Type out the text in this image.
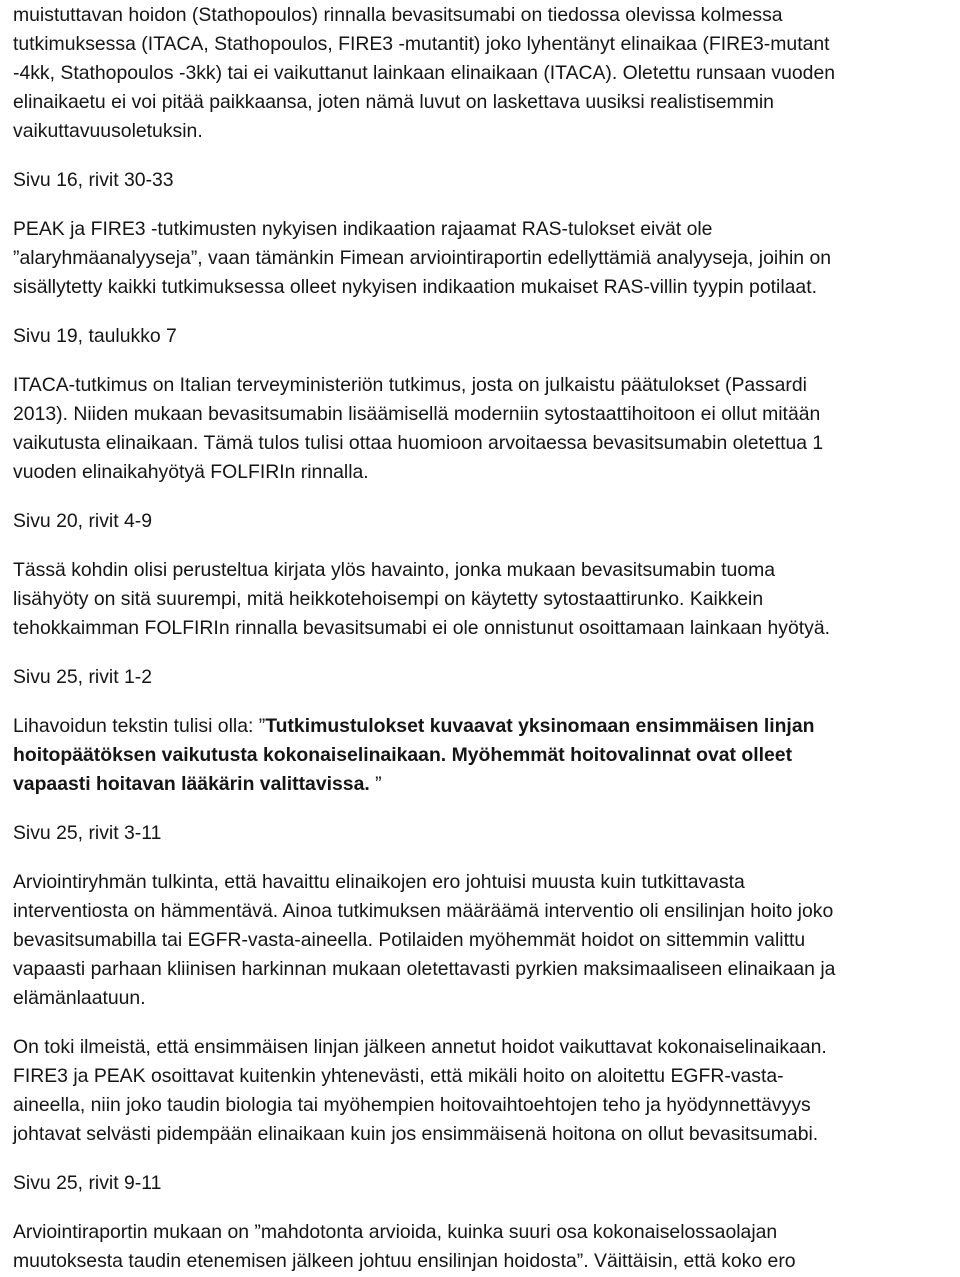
muistuttavan hoidon (Stathopoulos) rinnalla bevasitsumabi on tiedossa olevissa kolmessa
tutkimuksessa (ITACA, Stathopoulos, FIRE3 -mutantit) joko lyhentänyt elinaikaa (FIRE3-mutant
-4kk, Stathopoulos -3kk) tai ei vaikuttanut lainkaan elinaikaan (ITACA). Oletettu runsaan vuoden
elinaikaetu ei voi pitää paikkaansa, joten nämä luvut on laskettava uusiksi realistisemmin
vaikuttavuusoletuksin.
Sivu 16, rivit 30-33
PEAK ja FIRE3 -tutkimusten nykyisen indikaation rajaamat RAS-tulokset eivät ole
”alaryhmäanalyyseja”, vaan tämänkin Fimean arviointiraportin edellyttämiä analyyseja, joihin on
sisällytetty kaikki tutkimuksessa olleet nykyisen indikaation mukaiset RAS-villin tyypin potilaat.
Sivu 19, taulukko 7
ITACA-tutkimus on Italian terveyministeriön tutkimus, josta on julkaistu päätulokset (Passardi
2013). Niiden mukaan bevasitsumabin lisäämisellä moderniin sytostaattihoitoon ei ollut mitään
vaikutusta elinaikaan. Tämä tulos tulisi ottaa huomioon arvoitaessa bevasitsumabin oletettua 1
vuoden elinaikahyötyä FOLFIRIn rinnalla.
Sivu 20, rivit 4-9
Tässä kohdin olisi perusteltua kirjata ylös havainto, jonka mukaan bevasitsumabin tuoma
lisähyöty on sitä suurempi, mitä heikkotehoisempi on käytetty sytostaattirunko. Kaikkein
tehokkaimman FOLFIRIn rinnalla bevasitsumabi ei ole onnistunut osoittamaan lainkaan hyötyä.
Sivu 25, rivit 1-2
Lihavoidun tekstin tulisi olla: ”Tutkimustulokset kuvaavat yksinomaan ensimmäisen linjan
hoitopäätöksen vaikutusta kokonaiselinaikaan. Myöhemmät hoitovalinnat ovat olleet
vapaasti hoitavan lääkärin valittavissa. ”
Sivu 25, rivit 3-11
Arviointiryhmän tulkinta, että havaittu elinaikojen ero johtuisi muusta kuin tutkittavasta
interventiosta on hämmentävä. Ainoa tutkimuksen määräämä interventio oli ensilinjan hoito joko
bevasitsumabilla tai EGFR-vasta-aineella. Potilaiden myöhemmät hoidot on sittemmin valittu
vapaasti parhaan kliinisen harkinnan mukaan oletettavasti pyrkien maksimaaliseen elinaikaan ja
elämänlaatuun.
On toki ilmeistä, että ensimmäisen linjan jälkeen annetut hoidot vaikuttavat kokonaiselinaikaan.
FIRE3 ja PEAK osoittavat kuitenkin yhtenevästi, että mikäli hoito on aloitettu EGFR-vasta-
aineella, niin joko taudin biologia tai myöhempien hoitovaihtoehtojen teho ja hyödynnettävyys
johtavat selvästi pidempään elinaikaan kuin jos ensimmäisenä hoitona on ollut bevasitsumabi.
Sivu 25, rivit 9-11
Arviointiraportin mukaan on ”mahdotonta arvioida, kuinka suuri osa kokonaiselossaolajan
muutoksesta taudin etenemisen jälkeen johtuu ensilinjan hoidosta”. Väittäisin, että koko ero
